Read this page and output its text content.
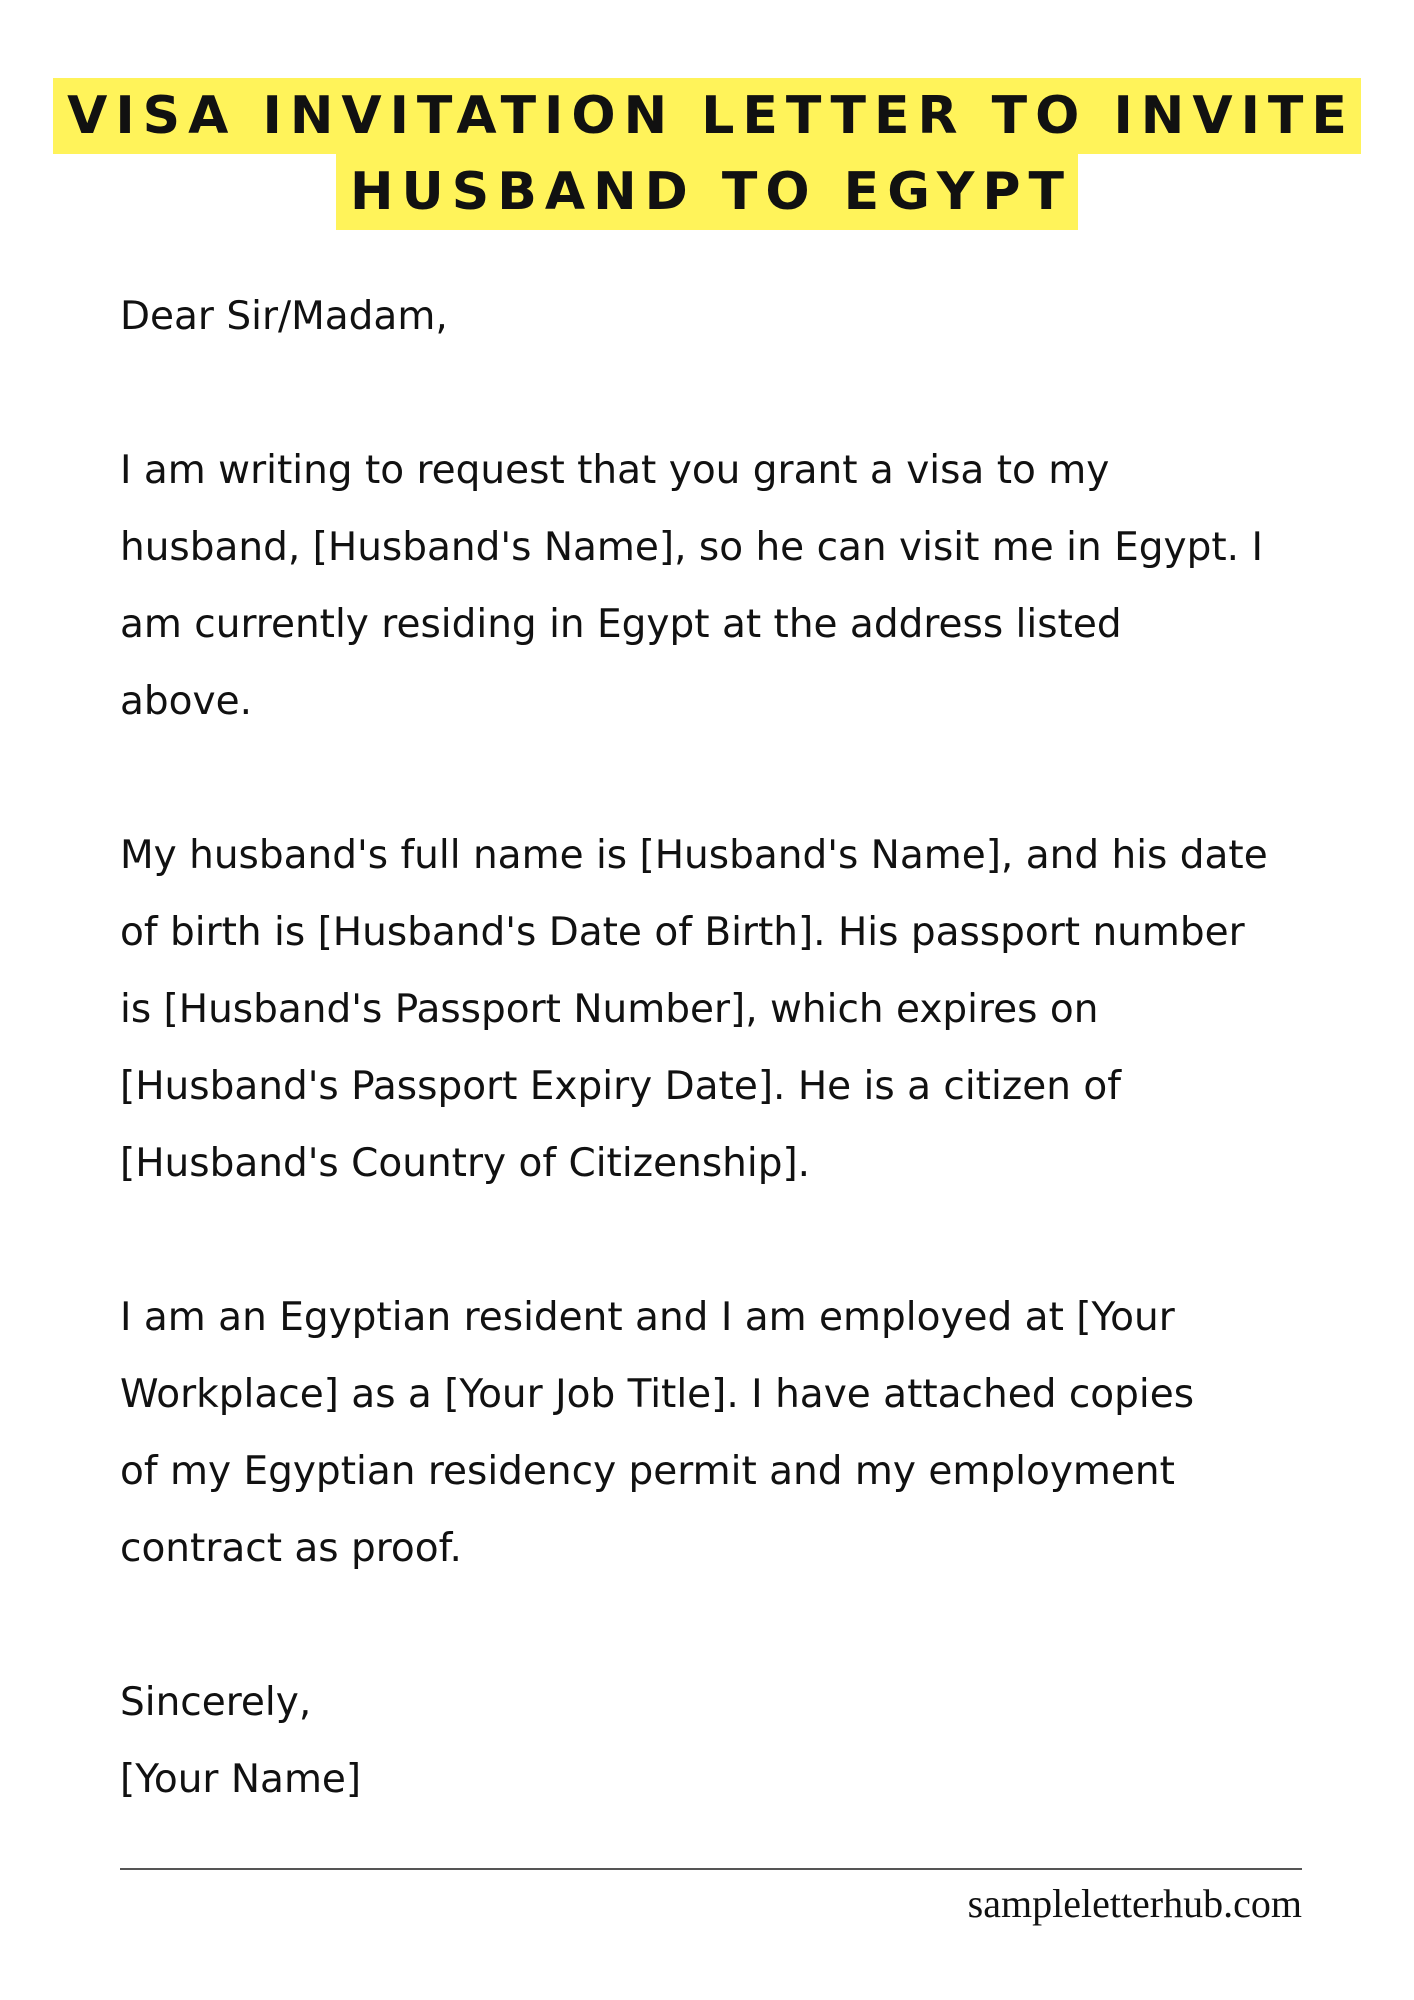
VISA INVITATION LETTER TO INVITE
HUSBAND TO EGYPT

Dear Sir/Madam,

I am writing to request that you grant a visa to my

husband, [Husband's Name], so he can visit me in Egypt. I

am currently residing in Egypt at the address listed

above.

My husband's full name is [Husband's Name], and his date

of birth is [Husband's Date of Birth]. His passport number

is [Husband's Passport Number], which expires on

[Husband's Passport Expiry Date]. He is a citizen of

[Husband's Country of Citizenship].

I am an Egyptian resident and I am employed at [Your

Workplace] as a [Your Job Title]. I have attached copies

of my Egyptian residency permit and my employment

contract as proof.

Sincerely,

[Your Name]

sampleletterhub.com
